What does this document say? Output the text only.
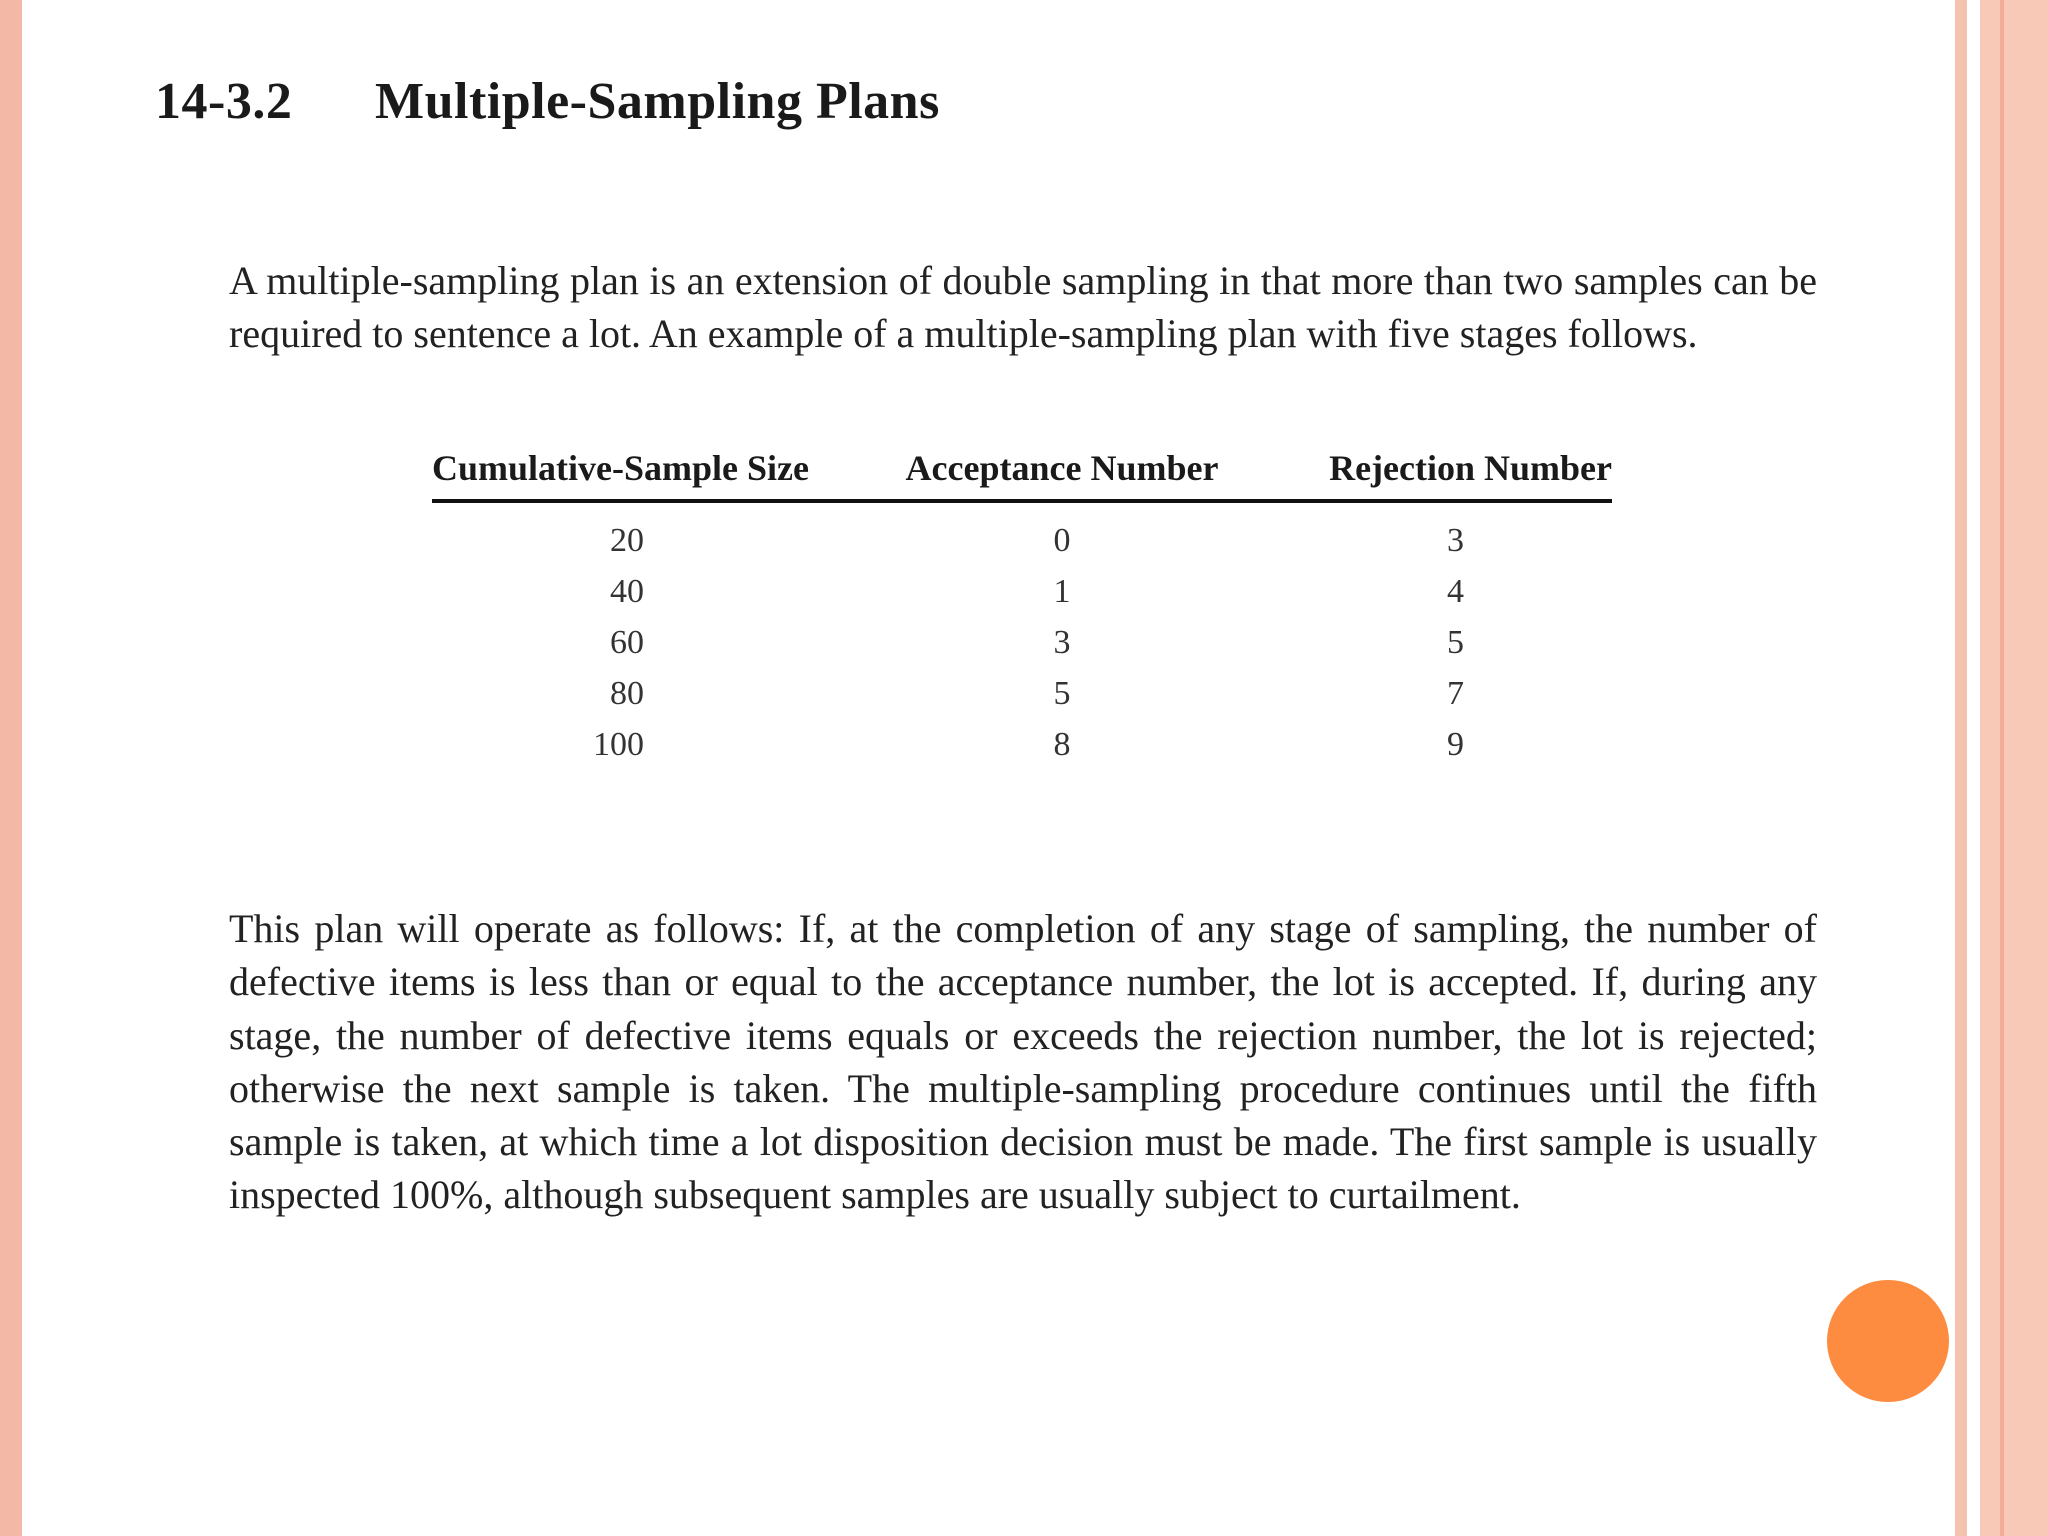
14-3.2 Multiple-Sampling Plans

A multiple-sampling plan is an extension of double sampling in that more than two samples can be required to sentence a lot. An example of a multiple-sampling plan with five stages follows.

Cumulative-Sample Size	Acceptance Number	Rejection Number
20	0	3
40	1	4
60	3	5
80	5	7
100	8	9

This plan will operate as follows: If, at the completion of any stage of sampling, the number of defective items is less than or equal to the acceptance number, the lot is accepted. If, during any stage, the number of defective items equals or exceeds the rejection number, the lot is rejected; otherwise the next sample is taken. The multiple-sampling procedure continues until the fifth sample is taken, at which time a lot disposition decision must be made. The first sample is usually inspected 100%, although subsequent samples are usually subject to curtailment.
